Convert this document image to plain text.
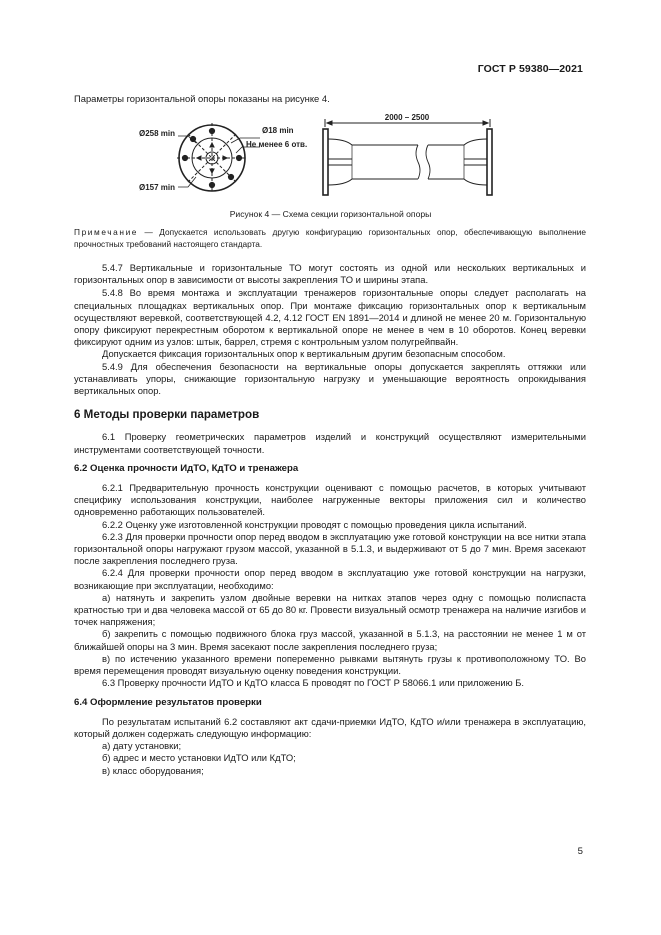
ГОСТ Р 59380—2021
Параметры горизонтальной опоры показаны на рисунке 4.
Ø258 min	Ø18 min
Не менее 6 отв.
Ø157 min
2000 – 2500
Рисунок 4 — Схема секции горизонтальной опоры
Примечание — Допускается использовать другую конфигурацию горизонтальных опор, обеспечивающую выполнение прочностных требований настоящего стандарта.

5.4.7 Вертикальные и горизонтальные ТО могут состоять из одной или нескольких вертикальных и горизонтальных опор в зависимости от высоты закрепления ТО и ширины этапа.

5.4.8 Во время монтажа и эксплуатации тренажеров горизонтальные опоры следует располагать на специальных площадках вертикальных опор. При монтаже фиксацию горизонтальных опор к вертикальным осуществляют веревкой, соответствующей 4.2, 4.12 ГОСТ EN 1891—2014 и длиной не менее 20 м. Горизонтальную опору фиксируют перекрестным оборотом к вертикальной опоре не менее в чем в 10 оборотов. Конец веревки фиксируют одним из узлов: штык, баррел, стремя с контрольным узлом полугрейпвайн.

Допускается фиксация горизонтальных опор к вертикальным другим безопасным способом.

5.4.9 Для обеспечения безопасности на вертикальные опоры допускается закреплять оттяжки или устанавливать упоры, снижающие горизонтальную нагрузку и уменьшающие вероятность опрокидывания вертикальных опор.

6 Методы проверки параметров

6.1 Проверку геометрических параметров изделий и конструкций осуществляют измерительными инструментами соответствующей точности.

6.2 Оценка прочности ИдТО, КдТО и тренажера

6.2.1 Предварительную прочность конструкции оценивают с помощью расчетов, в которых учитывают специфику использования конструкции, наиболее нагруженные векторы приложения сил и количество одновременно работающих пользователей.

6.2.2 Оценку уже изготовленной конструкции проводят с помощью проведения цикла испытаний.

6.2.3 Для проверки прочности опор перед вводом в эксплуатацию уже готовой конструкции на все нитки этапа горизонтальной опоры нагружают грузом массой, указанной в 5.1.3, и выдерживают от 5 до 7 мин. Время засекают после закрепления последнего груза.

6.2.4 Для проверки прочности опор перед вводом в эксплуатацию уже готовой конструкции на нагрузки, возникающие при эксплуатации, необходимо:

а) натянуть и закрепить узлом двойные веревки на нитках этапов через одну с помощью полиспаста кратностью три и два человека массой от 65 до 80 кг. Провести визуальный осмотр тренажера на наличие изгибов и точек напряжения;

б) закрепить с помощью подвижного блока груз массой, указанной в 5.1.3, на расстоянии не менее 1 м от ближайшей опоры на 3 мин. Время засекают после закрепления последнего груза;

в) по истечению указанного времени попеременно рывками вытянуть грузы к противоположному ТО. Во время перемещения проводят визуальную оценку поведения конструкции.

6.3 Проверку прочности ИдТО и КдТО класса Б проводят по ГОСТ Р 58066.1 или приложению Б.

6.4 Оформление результатов проверки

По результатам испытаний 6.2 составляют акт сдачи-приемки ИдТО, КдТО и/или тренажера в эксплуатацию, который должен содержать следующую информацию:

а) дату установки;
б) адрес и место установки ИдТО или КдТО;
в) класс оборудования;
5
